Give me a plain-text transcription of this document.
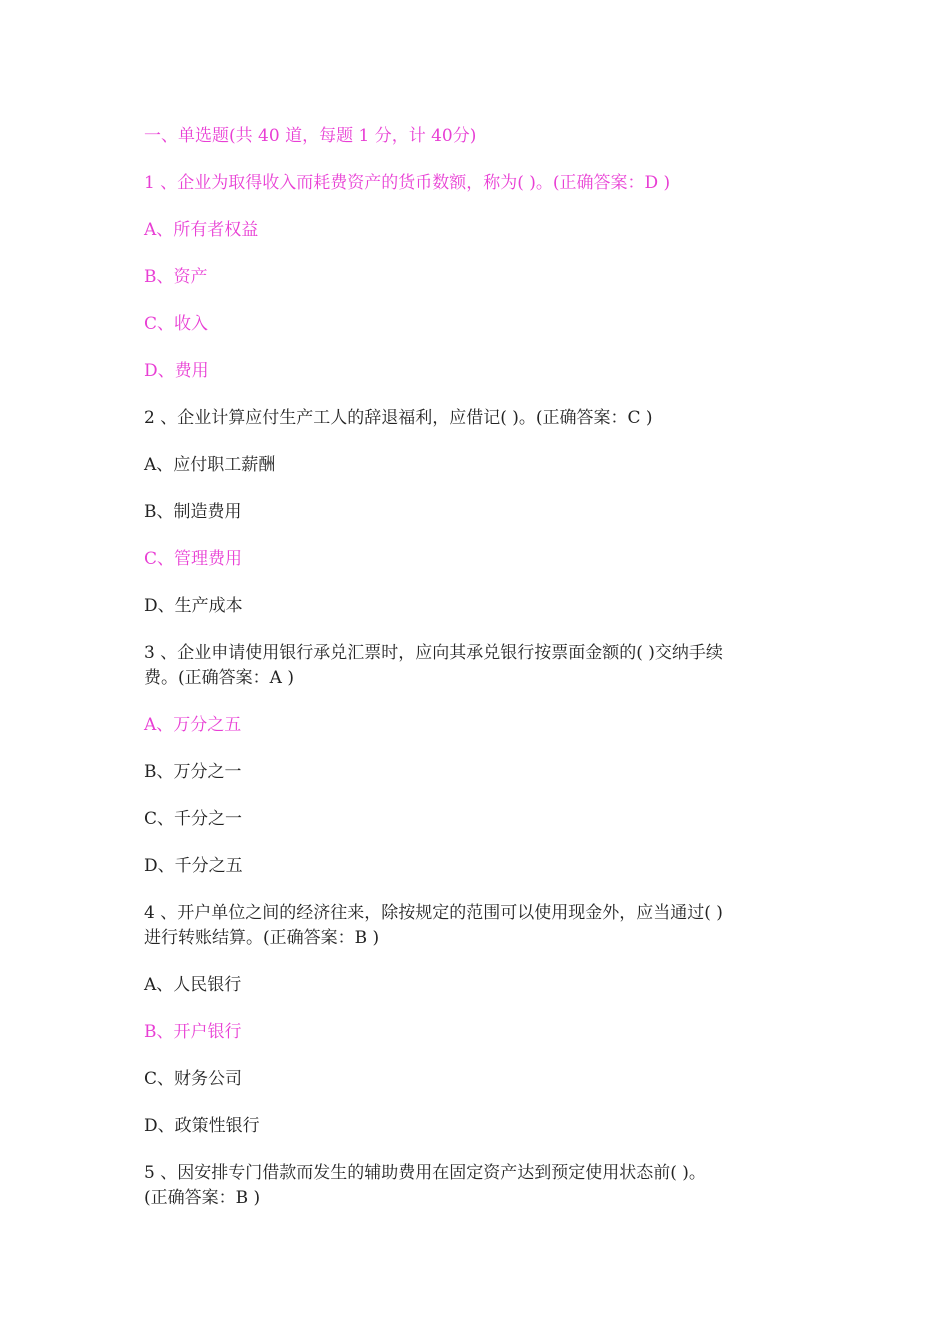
一、单选题(共 40 道，每题 1 分，计 40分)
1 、企业为取得收入而耗费资产的货币数额，称为( )。(正确答案：D )
A、所有者权益
B、资产
C、收入
D、费用
2 、企业计算应付生产工人的辞退福利，应借记( )。(正确答案：C )
A、应付职工薪酬
B、制造费用
C、管理费用
D、生产成本
3 、企业申请使用银行承兑汇票时，应向其承兑银行按票面金额的( )交纳手续
费。(正确答案：A )
A、万分之五
B、万分之一
C、千分之一
D、千分之五
4 、开户单位之间的经济往来，除按规定的范围可以使用现金外，应当通过( )
进行转账结算。(正确答案：B )
A、人民银行
B、开户银行
C、财务公司
D、政策性银行
5 、因安排专门借款而发生的辅助费用在固定资产达到预定使用状态前( )。
(正确答案：B )
